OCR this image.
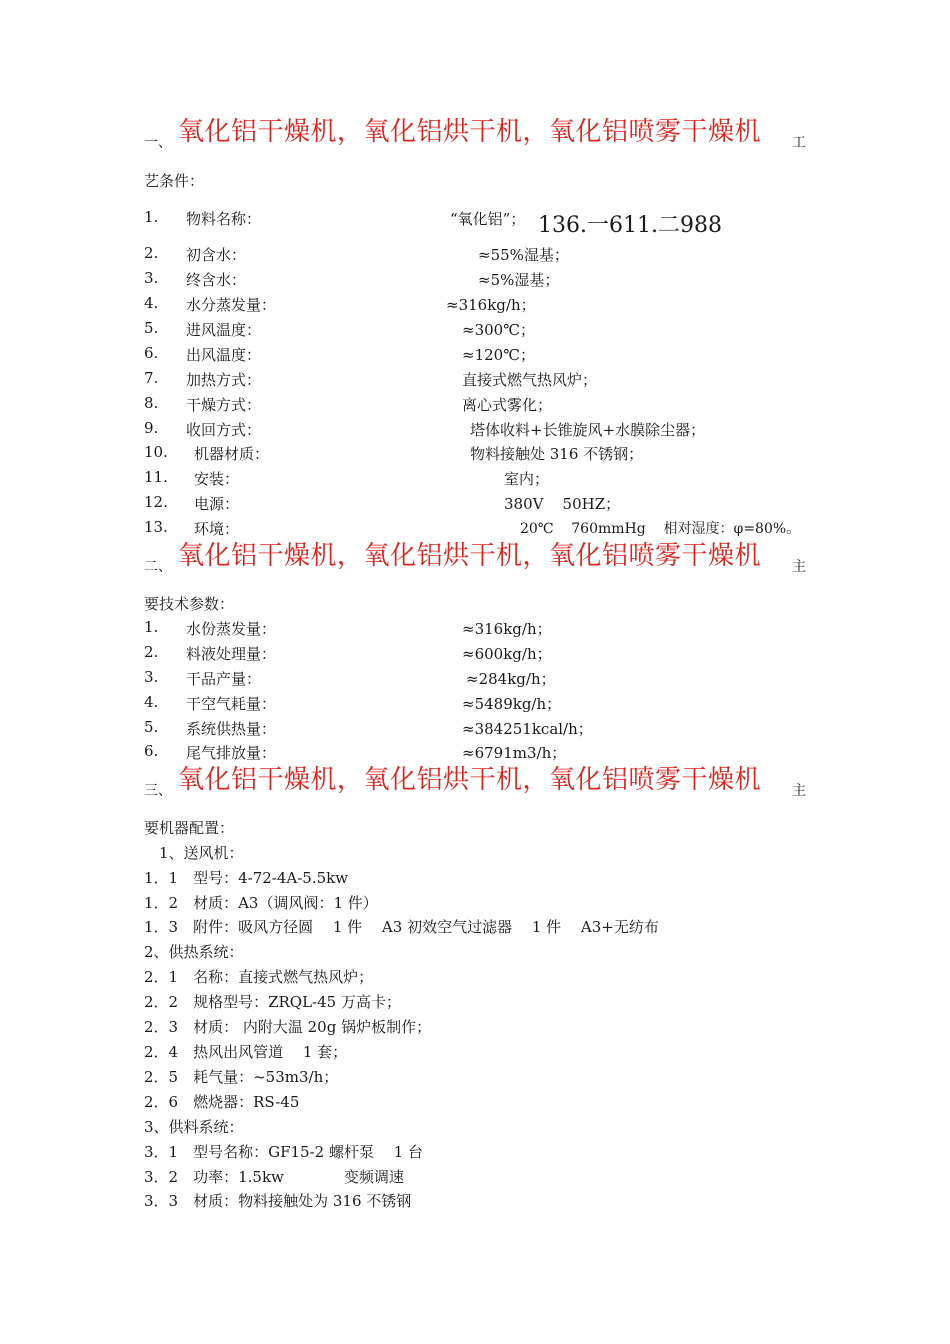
一、 氧化铝干燥机，氧化铝烘干机，氧化铝喷雾干燥机 工
艺条件：
1. 物料名称：	“氧化铝”； 136.一611.二988
2. 初含水：	≈55%湿基；
3. 终含水：	≈5%湿基；
4. 水分蒸发量：	≈316kg/h；
5. 进风温度：	≈300℃；
6. 出风温度：	≈120℃；
7. 加热方式：	直接式燃气热风炉；
8. 干燥方式：	离心式雾化；
9. 收回方式：	塔体收料+长锥旋风+水膜除尘器；
10. 机器材质：	物料接触处 316 不锈钢；
11. 安装：	室内；
12. 电源：	380V    50HZ；
13. 环境：	20℃    760mmHg    相对湿度：φ=80%。
二、 氧化铝干燥机，氧化铝烘干机，氧化铝喷雾干燥机 主
要技术参数：
1. 水份蒸发量：	≈316kg/h；
2. 料液处理量：	≈600kg/h；
3. 干品产量：	≈284kg/h；
4. 干空气耗量：	≈5489kg/h；
5. 系统供热量：	≈384251kcal/h；
6. 尾气排放量：	≈6791m3/h；
三、 氧化铝干燥机，氧化铝烘干机，氧化铝喷雾干燥机 主
要机器配置：
　1、送风机：
1．1　型号：4-72-4A-5.5kw
1．2　材质：A3（调风阀：1 件）
1．3　附件：吸风方径圆　 1 件　 A3 初效空气过滤器　 1 件　 A3+无纺布
2、供热系统：
2．1　名称：直接式燃气热风炉；
2．2　规格型号：ZRQL-45 万高卡；
2．3　材质： 内附大温 20g 锅炉板制作；
2．4　热风出风管道　 1 套；
2．5　耗气量：~53m3/h；
2．6　燃烧器：RS-45
3、供料系统：
3．1　型号名称：GF15-2 螺杆泵　 1 台
3．2　功率：1.5kw　　　　变频调速
3．3　材质：物料接触处为 316 不锈钢
